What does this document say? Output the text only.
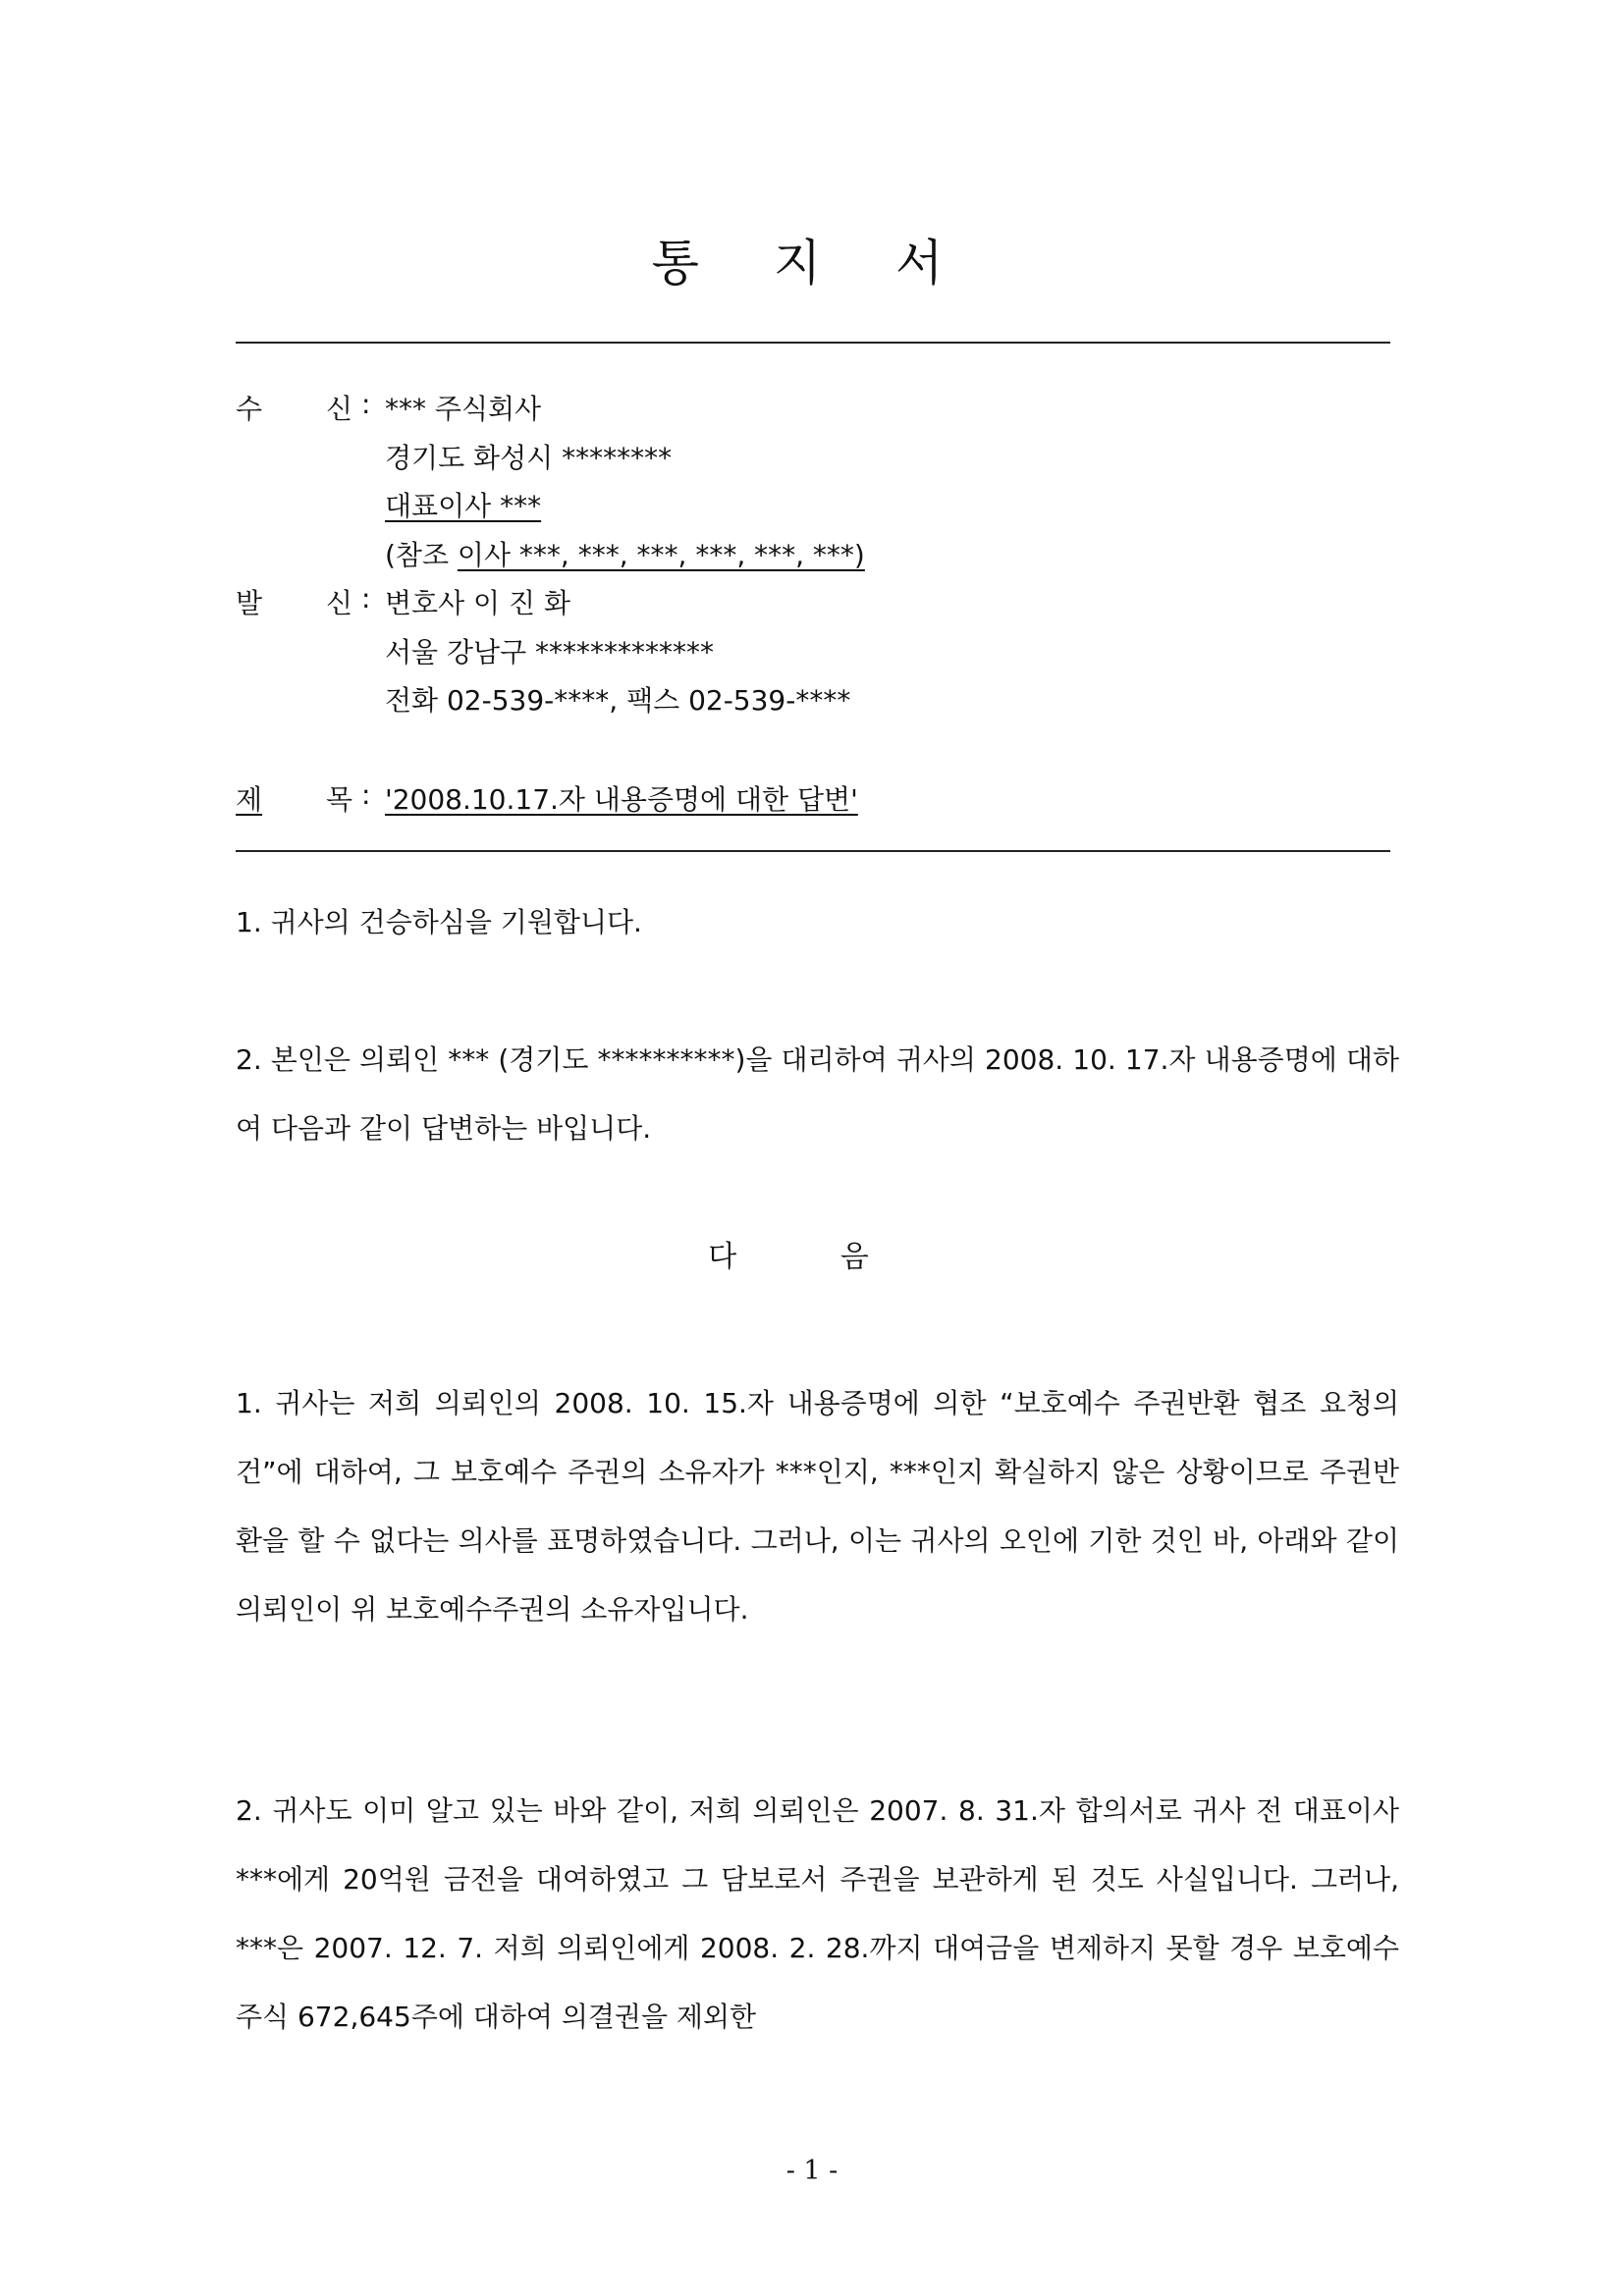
통 지 서
수 신 : *** 주식회사
경기도 화성시 ********
대표이사 ***
(참조 이사 ***, ***, ***, ***, ***, ***)
발 신 : 변호사 이 진 화
서울 강남구 *************
전화 02-539-****, 팩스 02-539-****
제 목 : '2008.10.17.자 내용증명에 대한 답변'
1. 귀사의 건승하심을 기원합니다.
2. 본인은 의뢰인 *** (경기도 **********)을 대리하여 귀사의 2008. 10. 17.자 내용증명에 대하여 다음과 같이 답변하는 바입니다.
다 음
1. 귀사는 저희 의뢰인의 2008. 10. 15.자 내용증명에 의한 “보호예수 주권반환 협조 요청의 건”에 대하여, 그 보호예수 주권의 소유자가 ***인지, ***인지 확실하지 않은 상황이므로 주권반환을 할 수 없다는 의사를 표명하였습니다. 그러나, 이는 귀사의 오인에 기한 것인 바, 아래와 같이 의뢰인이 위 보호예수주권의 소유자입니다.
2. 귀사도 이미 알고 있는 바와 같이, 저희 의뢰인은 2007. 8. 31.자 합의서로 귀사 전 대표이사 ***에게 20억원 금전을 대여하였고 그 담보로서 주권을 보관하게 된 것도 사실입니다. 그러나, ***은 2007. 12. 7. 저희 의뢰인에게 2008. 2. 28.까지 대여금을 변제하지 못할 경우 보호예수 주식 672,645주에 대하여 의결권을 제외한
- 1 -
